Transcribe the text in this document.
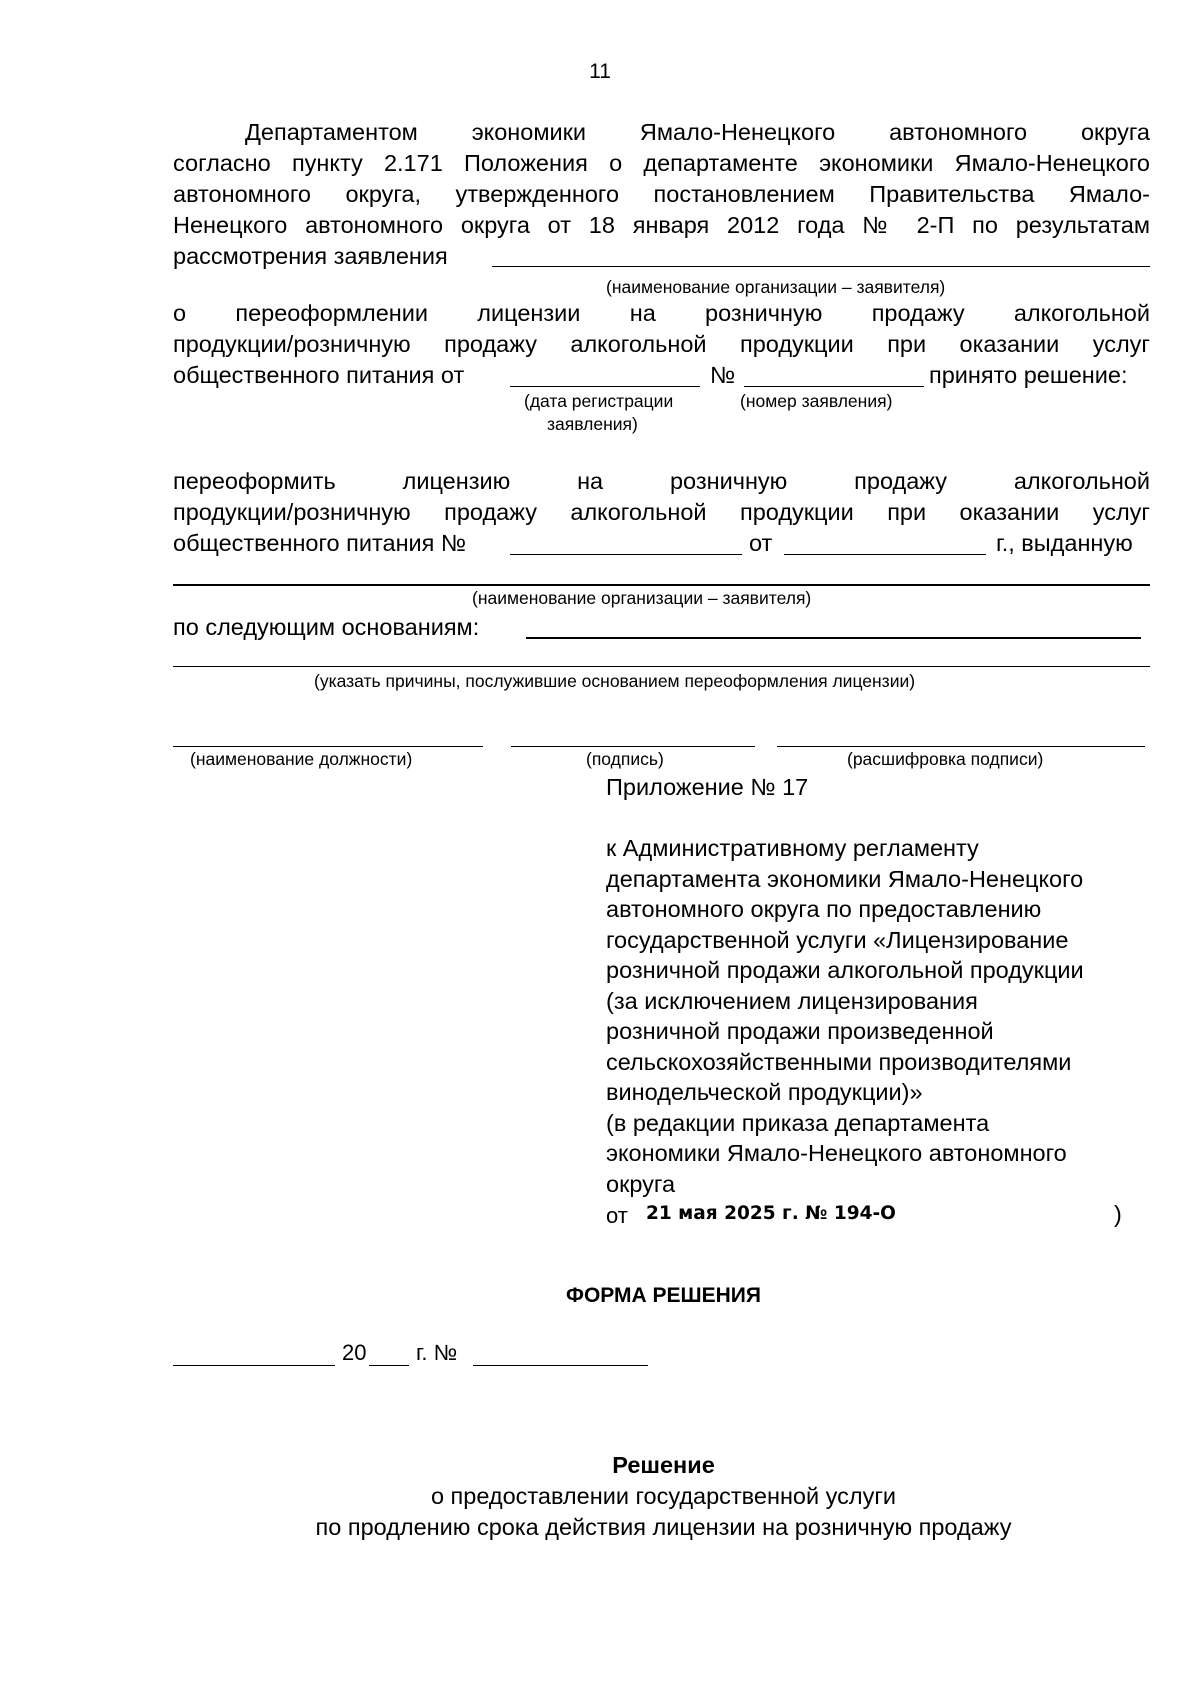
11
Департаментом экономики Ямало-Ненецкого автономного округа
согласно пункту 2.171 Положения о департаменте экономики Ямало-Ненецкого
автономного округа, утвержденного постановлением Правительства Ямало-
Ненецкого автономного округа от 18 января 2012 года № 2-П по результатам
рассмотрения заявления
(наименование организации – заявителя)
о переоформлении лицензии на розничную продажу алкогольной
продукции/розничную продажу алкогольной продукции при оказании услуг
общественного питания от	№	принято решение:
(дата регистрации
заявления)
(номер заявления)
переоформить лицензию на розничную продажу алкогольной
продукции/розничную продажу алкогольной продукции при оказании услуг
общественного питания №	от	г., выданную
(наименование организации – заявителя)
по следующим основаниям:
(указать причины, послужившие основанием переоформления лицензии)
(наименование должности)	(подпись)	(расшифровка подписи)
Приложение № 17
к Административному регламенту
департамента экономики Ямало-Ненецкого
автономного округа по предоставлению
государственной услуги «Лицензирование
розничной продажи алкогольной продукции
(за исключением лицензирования
розничной продажи произведенной
сельскохозяйственными производителями
винодельческой продукции)»
(в редакции приказа департамента
экономики Ямало-Ненецкого автономного
округа
от 21 мая 2025 г. № 194-О	)
ФОРМА РЕШЕНИЯ
20 г. №
Решение
о предоставлении государственной услуги
по продлению срока действия лицензии на розничную продажу
